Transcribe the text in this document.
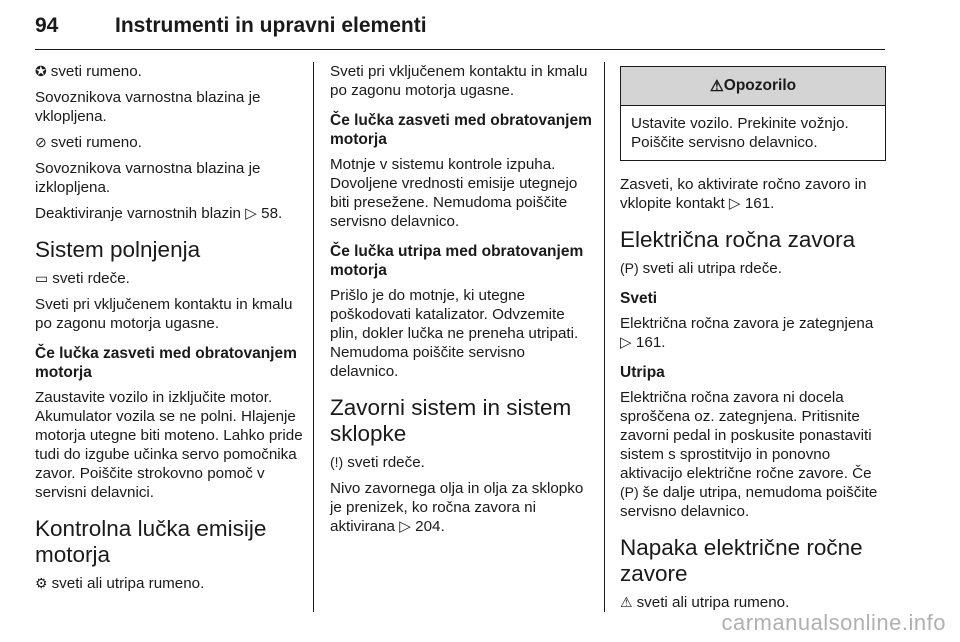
94	Instrumenti in upravni elementi

✪ sveti rumeno.

Sovoznikova varnostna blazina je vklopljena.

⊘ sveti rumeno.

Sovoznikova varnostna blazina je izklopljena.

Deaktiviranje varnostnih blazin ▷ 58.

Sistem polnjenja

▭ sveti rdeče.

Sveti pri vključenem kontaktu in kmalu po zagonu motorja ugasne.

Če lučka zasveti med obratovanjem motorja

Zaustavite vozilo in izključite motor. Akumulator vozila se ne polni. Hlajenje motorja utegne biti moteno. Lahko pride tudi do izgube učinka servo pomočnika zavor. Poiščite strokovno pomoč v servisni delavnici.

Kontrolna lučka emisije motorja

⚙ sveti ali utripa rumeno.

Sveti pri vključenem kontaktu in kmalu po zagonu motorja ugasne.

Če lučka zasveti med obratovanjem motorja

Motnje v sistemu kontrole izpuha. Dovoljene vrednosti emisije utegnejo biti presežene. Nemudoma poiščite servisno delavnico.

Če lučka utripa med obratovanjem motorja

Prišlo je do motnje, ki utegne poškodovati katalizator. Odvzemite plin, dokler lučka ne preneha utripati. Nemudoma poiščite servisno delavnico.

Zavorni sistem in sistem sklopke

(!) sveti rdeče.

Nivo zavornega olja in olja za sklopko je prenizek, ko ročna zavora ni aktivirana ▷ 204.

⚠ Opozorilo
Ustavite vozilo. Prekinite vožnjo. Poiščite servisno delavnico.

Zasveti, ko aktivirate ročno zavoro in vklopite kontakt ▷ 161.

Električna ročna zavora

(P) sveti ali utripa rdeče.

Sveti

Električna ročna zavora je zategnjena ▷ 161.

Utripa

Električna ročna zavora ni docela sproščena oz. zategnjena. Pritisnite zavorni pedal in poskusite ponastaviti sistem s sprostitvijo in ponovno aktivacijo električne ročne zavore. Če (P) še dalje utripa, nemudoma poiščite servisno delavnico.

Napaka električne ročne zavore

⚠ sveti ali utripa rumeno.

carmanualsonline.info
